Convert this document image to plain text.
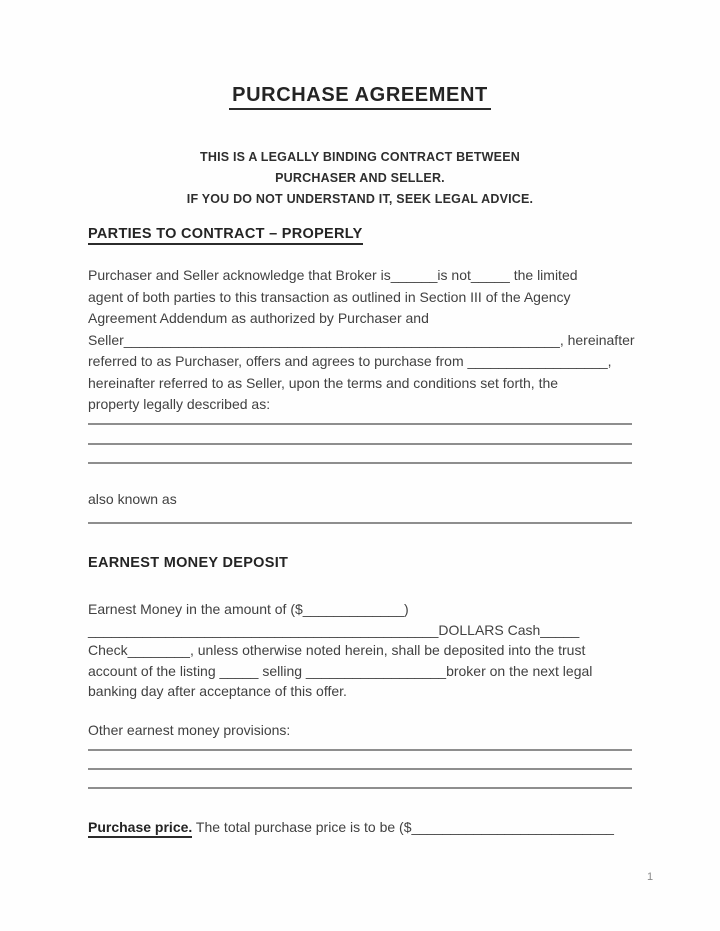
PURCHASE AGREEMENT
THIS IS A LEGALLY BINDING CONTRACT BETWEEN
PURCHASER AND SELLER.
IF YOU DO NOT UNDERSTAND IT, SEEK LEGAL ADVICE.
PARTIES TO CONTRACT – PROPERLY
Purchaser and Seller acknowledge that Broker is______is not_____ the limited
agent of both parties to this transaction as outlined in Section III of the Agency
Agreement Addendum as authorized by Purchaser and
Seller________________________________________________________, hereinafter
referred to as Purchaser, offers and agrees to purchase from __________________,
hereinafter referred to as Seller, upon the terms and conditions set forth, the
property legally described as:
also known as
EARNEST MONEY DEPOSIT
Earnest Money in the amount of ($_____________)
_____________________________________________DOLLARS Cash_____
Check________, unless otherwise noted herein, shall be deposited into the trust
account of the listing _____ selling __________________broker on the next legal
banking day after acceptance of this offer.
Other earnest money provisions:
Purchase price. The total purchase price is to be ($__________________________
1
